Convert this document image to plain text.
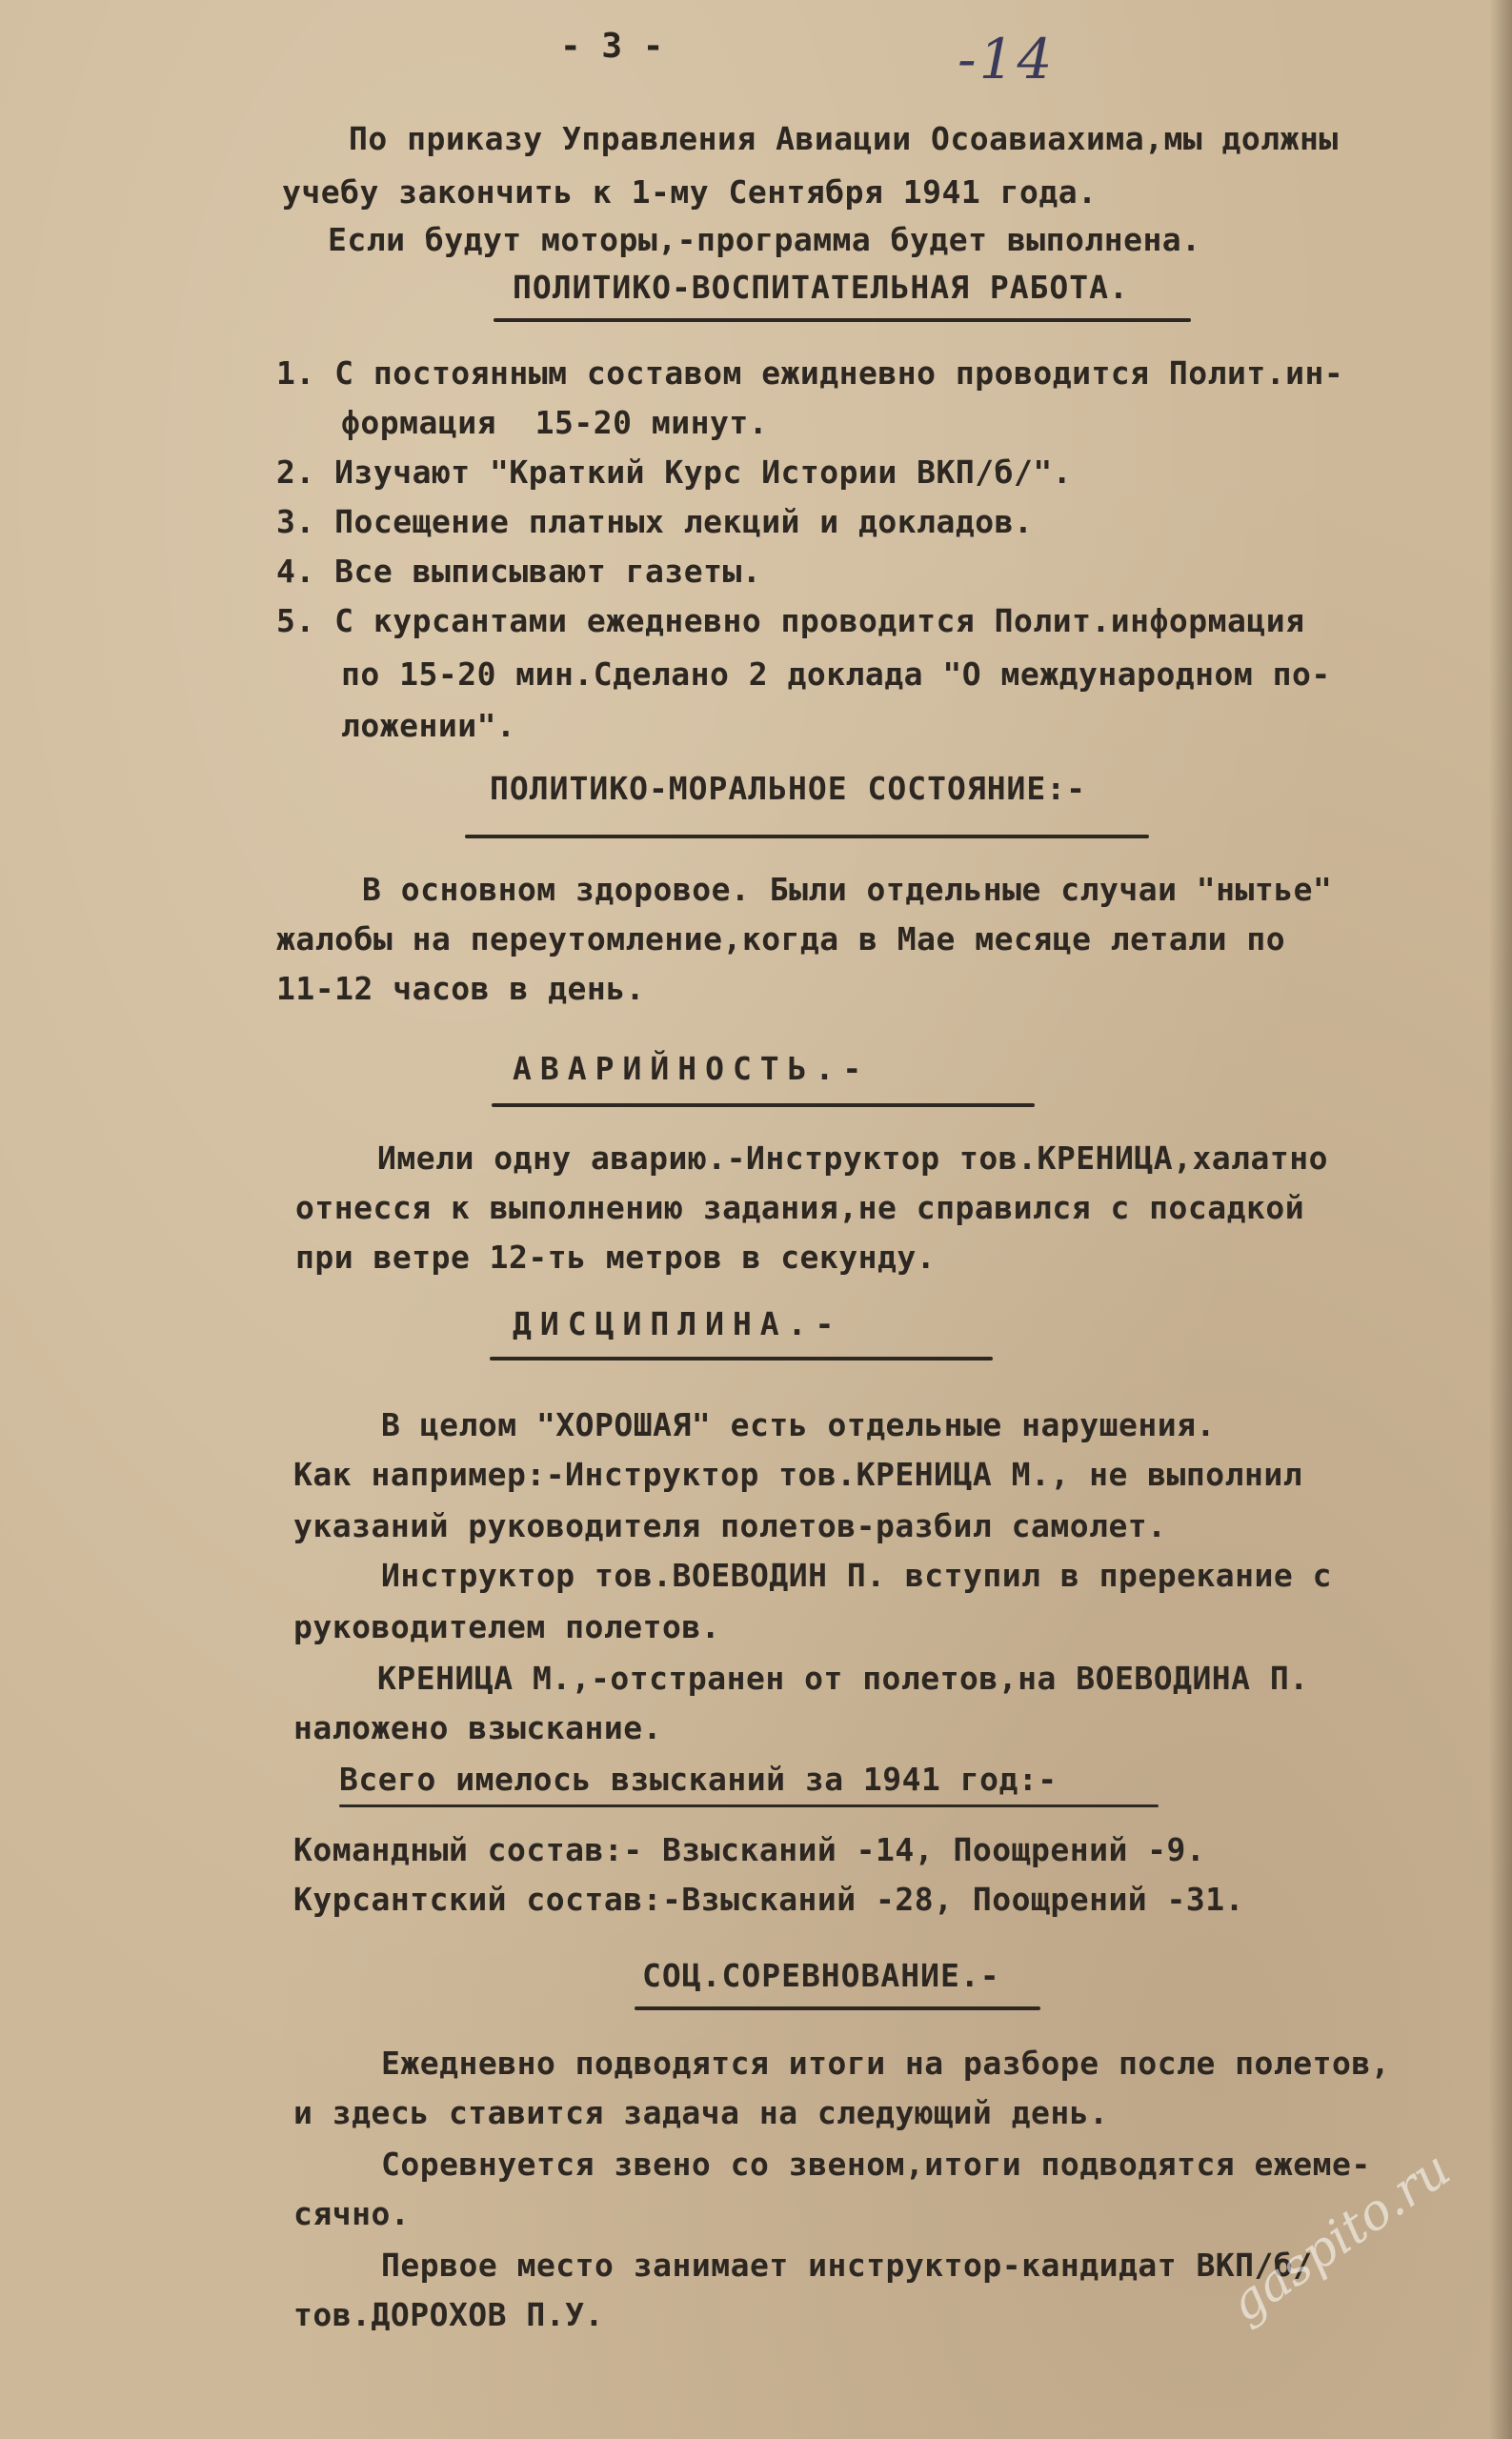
- 3 -	-14
По приказу Управления Авиации Осоавиахима,мы должны
учебу закончить к 1-му Сентября 1941 года.
Если будут моторы,-программа будет выполнена.
ПОЛИТИКО-ВОСПИТАТЕЛЬНАЯ РАБОТА.
1. С постоянным составом ежидневно проводится Полит.ин-
формация  15-20 минут.
2. Изучают "Краткий Курс Истории ВКП/б/".
3. Посещение платных лекций и докладов.
4. Все выписывают газеты.
5. С курсантами ежедневно проводится Полит.информация
по 15-20 мин.Сделано 2 доклада "О международном по-
ложении".
ПОЛИТИКО-МОРАЛЬНОЕ СОСТОЯНИЕ:-
В основном здоровое. Были отдельные случаи "нытье"
жалобы на переутомление,когда в Мае месяце летали по
11-12 часов в день.
АВАРИЙНОСТЬ.-
Имели одну аварию.-Инструктор тов.КРЕНИЦА,халатно
отнесся к выполнению задания,не справился с посадкой
при ветре 12-ть метров в секунду.
ДИСЦИПЛИНА.-
В целом "ХОРОШАЯ" есть отдельные нарушения.
Как например:-Инструктор тов.КРЕНИЦА М., не выполнил
указаний руководителя полетов-разбил самолет.
Инструктор тов.ВОЕВОДИН П. вступил в пререкание с
руководителем полетов.
КРЕНИЦА М.,-отстранен от полетов,на ВОЕВОДИНА П.
наложено взыскание.
Всего имелось взысканий за 1941 год:-
Командный состав:- Взысканий -14, Поощрений -9.
Курсантский состав:-Взысканий -28, Поощрений -31.
СОЦ.СОРЕВНОВАНИЕ.-
Ежедневно подводятся итоги на разборе после полетов,
и здесь ставится задача на следующий день.
Соревнуется звено со звеном,итоги подводятся ежеме-
сячно.
Первое место занимает инструктор-кандидат ВКП/б/
тов.ДОРОХОВ П.У.	gaspito.ru
